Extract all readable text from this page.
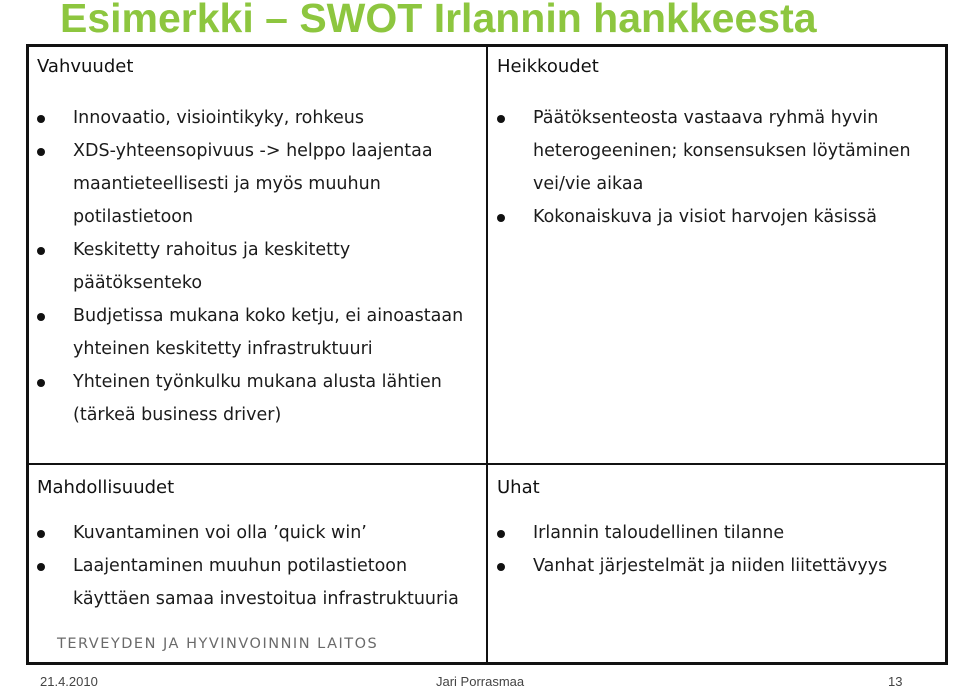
Esimerkki – SWOT Irlannin hankkeesta
Vahvuudet
Innovaatio, visiointikyky, rohkeus
XDS-yhteensopivuus -> helppo laajentaa maantieteellisesti ja myös muuhun potilastietoon
Keskitetty rahoitus ja keskitetty päätöksenteko
Budjetissa mukana koko ketju, ei ainoastaan yhteinen keskitetty infrastruktuuri
Yhteinen työnkulku mukana alusta lähtien (tärkeä business driver)
Heikkoudet
Päätöksenteosta vastaava ryhmä hyvin heterogeeninen; konsensuksen löytäminen vei/vie aikaa
Kokonaiskuva ja visiot harvojen käsissä
Mahdollisuudet
Kuvantaminen voi olla ’quick win’
Laajentaminen muuhun potilastietoon käyttäen samaa investoitua infrastruktuuria
Uhat
Irlannin taloudellinen tilanne
Vanhat järjestelmät ja niiden liitettävyys
TERVEYDEN JA HYVINVOINNIN LAITOS
21.4.2010	Jari Porrasmaa	13
